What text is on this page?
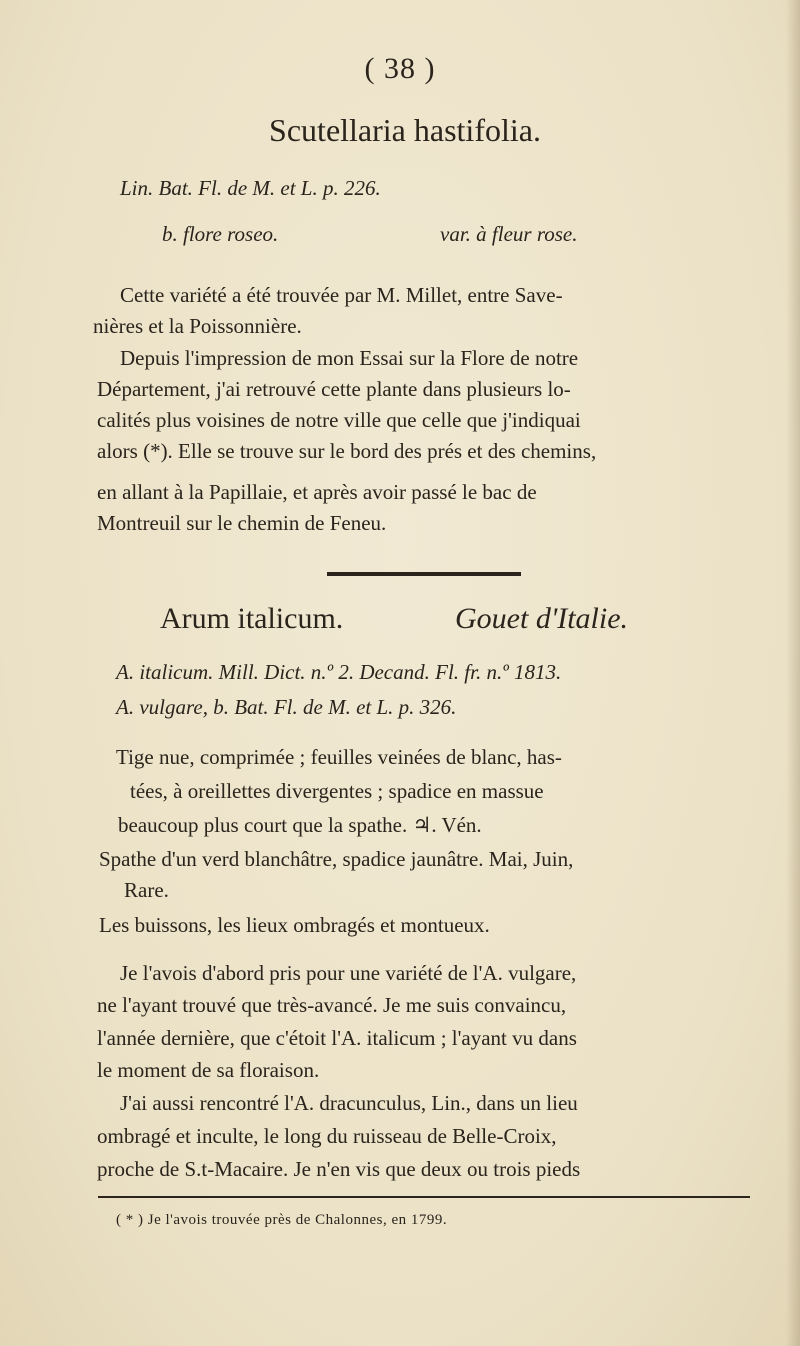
( 38 )
Scutellaria hastifolia.
Lin. Bat. Fl. de M. et L. p. 226.
b. flore roseo.	var. à fleur rose.
Cette variété a été trouvée par M. Millet, entre Save-
nières et la Poissonnière.
Depuis l'impression de mon Essai sur la Flore de notre
Département, j'ai retrouvé cette plante dans plusieurs lo-
calités plus voisines de notre ville que celle que j'indiquai
alors (*). Elle se trouve sur le bord des prés et des chemins,
en allant à la Papillaie, et après avoir passé le bac de
Montreuil sur le chemin de Feneu.
Arum italicum.	Gouet d'Italie.
A. italicum. Mill. Dict. n.º 2. Decand. Fl. fr. n.º 1813.
A. vulgare, b. Bat. Fl. de M. et L. p. 326.
Tige nue, comprimée ; feuilles veinées de blanc, has-
tées, à oreillettes divergentes ; spadice en massue
beaucoup plus court que la spathe. ♃. Vén.
Spathe d'un verd blanchâtre, spadice jaunâtre. Mai, Juin,
Rare.
Les buissons, les lieux ombragés et montueux.
Je l'avois d'abord pris pour une variété de l'A. vulgare,
ne l'ayant trouvé que très-avancé. Je me suis convaincu,
l'année dernière, que c'étoit l'A. italicum ; l'ayant vu dans
le moment de sa floraison.
J'ai aussi rencontré l'A. dracunculus, Lin., dans un lieu
ombragé et inculte, le long du ruisseau de Belle-Croix,
proche de S.t-Macaire. Je n'en vis que deux ou trois pieds
( * ) Je l'avois trouvée près de Chalonnes, en 1799.
